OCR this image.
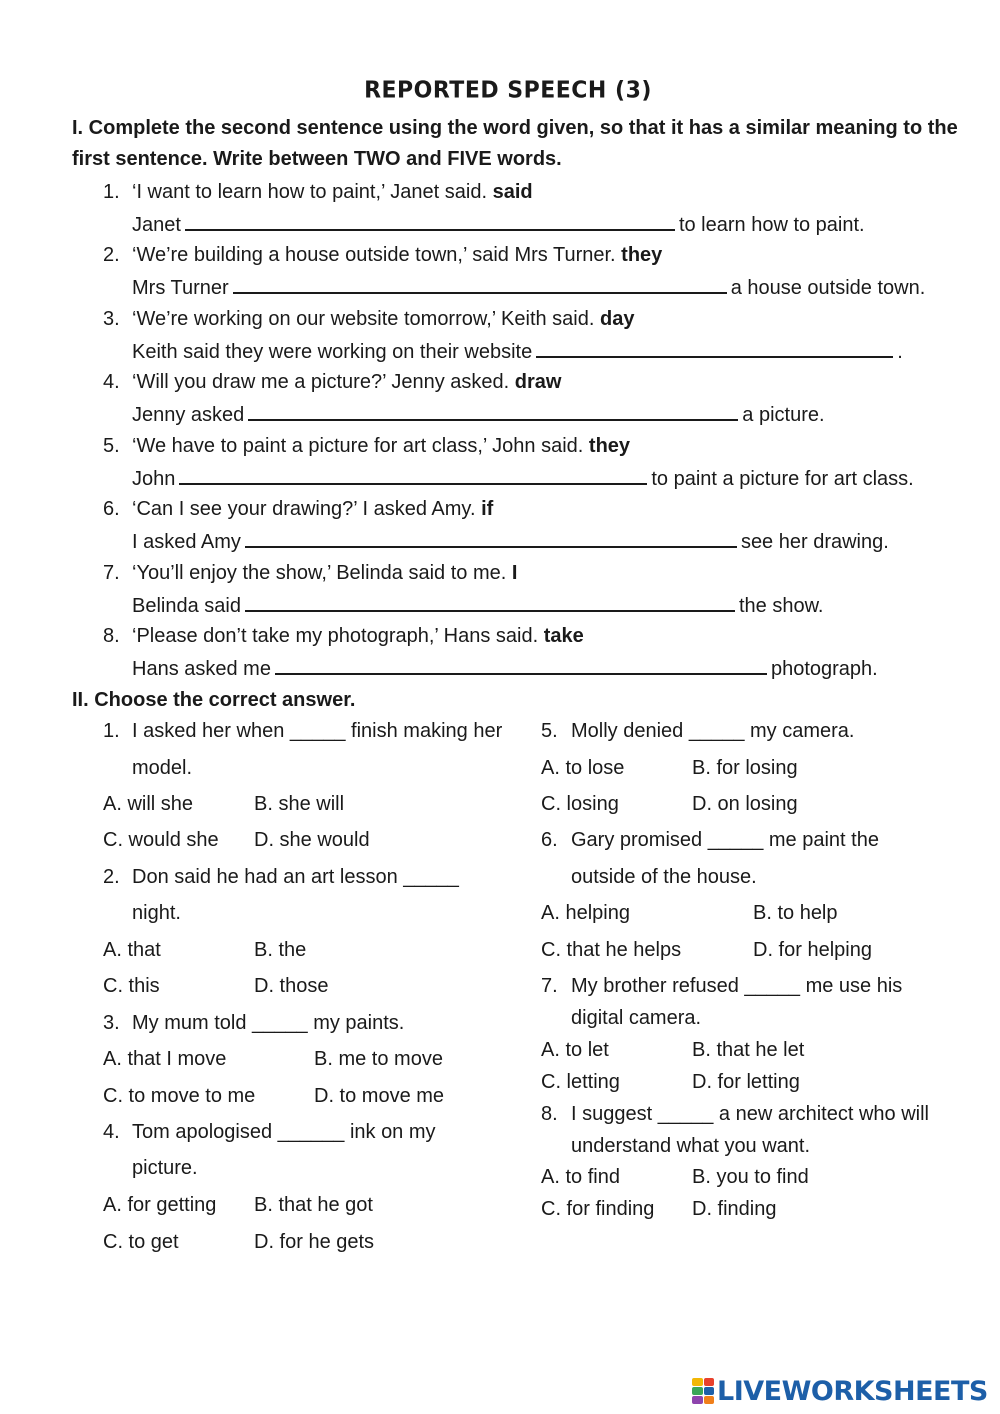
REPORTED SPEECH (3)
I. Complete the second sentence using the word given, so that it has a similar meaning to the
first sentence. Write between TWO and FIVE words.
1. ‘I want to learn how to paint,’ Janet said. said
Janet	to learn how to paint.
2. ‘We’re building a house outside town,’ said Mrs Turner. they
Mrs Turner	a house outside town.
3. ‘We’re working on our website tomorrow,’ Keith said. day
Keith said they were working on their website	.
4. ‘Will you draw me a picture?’ Jenny asked. draw
Jenny asked	a picture.
5. ‘We have to paint a picture for art class,’ John said. they
John	to paint a picture for art class.
6. ‘Can I see your drawing?’ I asked Amy. if
I asked Amy	see her drawing.
7. ‘You’ll enjoy the show,’ Belinda said to me. I
Belinda said	the show.
8. ‘Please don’t take my photograph,’ Hans said. take
Hans asked me	photograph.
II. Choose the correct answer.
1. I asked her when _____ finish making her
model.
A. will she	B. she will
C. would she D. she would
2. Don said he had an art lesson _____
night.
A. that	B. the
C. this	D. those
3. My mum told _____ my paints.
A. that I move	B. me to move
C. to move to me	D. to move me
4. Tom apologised ______ ink on my
picture.
A. for getting B. that he got
C. to get	D. for he gets
5. Molly denied _____ my camera.
A. to lose	B. for losing
C. losing	D. on losing
6. Gary promised _____ me paint the
outside of the house.
A. helping	B. to help
C. that he helps	D. for helping
7. My brother refused _____ me use his
digital camera.
A. to let	B. that he let
C. letting	D. for letting
8. I suggest _____ a new architect who will
understand what you want.
A. to find	B. you to find
C. for finding D. finding
LIVEWORKSHEETS
